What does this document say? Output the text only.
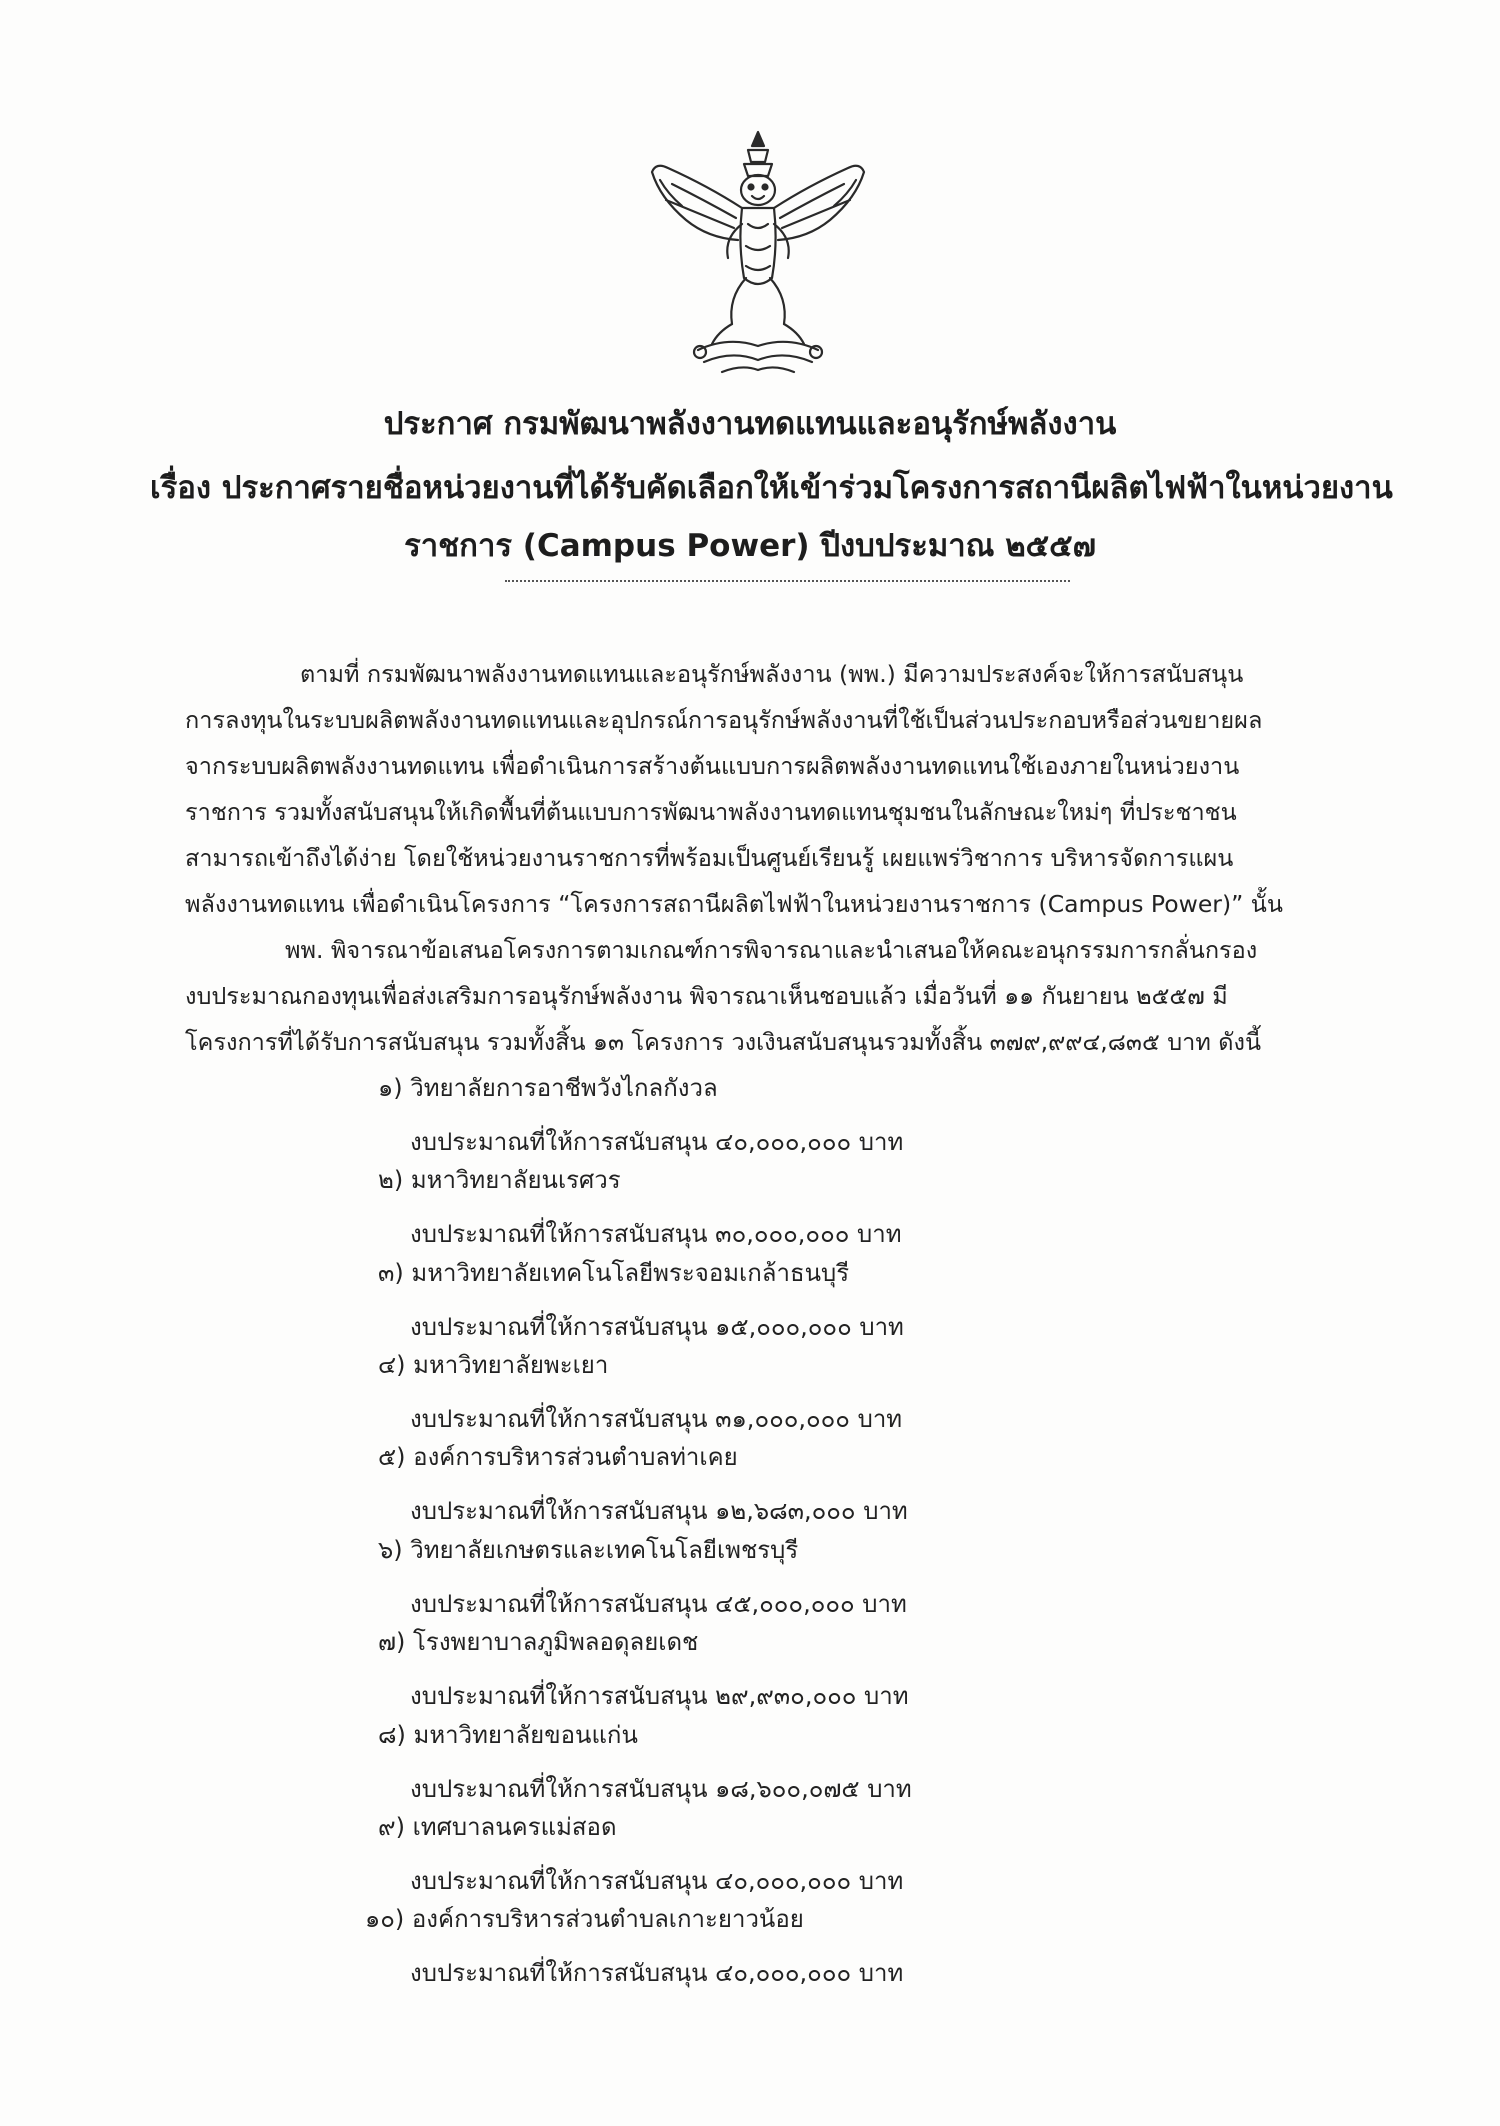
ประกาศ กรมพัฒนาพลังงานทดแทนและอนุรักษ์พลังงาน
เรื่อง ประกาศรายชื่อหน่วยงานที่ได้รับคัดเลือกให้เข้าร่วมโครงการสถานีผลิตไฟฟ้าในหน่วยงาน
ราชการ (Campus Power) ปีงบประมาณ ๒๕๕๗
ตามที่ กรมพัฒนาพลังงานทดแทนและอนุรักษ์พลังงาน (พพ.) มีความประสงค์จะให้การสนับสนุน
การลงทุนในระบบผลิตพลังงานทดแทนและอุปกรณ์การอนุรักษ์พลังงานที่ใช้เป็นส่วนประกอบหรือส่วนขยายผล
จากระบบผลิตพลังงานทดแทน เพื่อดำเนินการสร้างต้นแบบการผลิตพลังงานทดแทนใช้เองภายในหน่วยงาน
ราชการ รวมทั้งสนับสนุนให้เกิดพื้นที่ต้นแบบการพัฒนาพลังงานทดแทนชุมชนในลักษณะใหม่ๆ ที่ประชาชน
สามารถเข้าถึงได้ง่าย โดยใช้หน่วยงานราชการที่พร้อมเป็นศูนย์เรียนรู้ เผยแพร่วิชาการ บริหารจัดการแผน
พลังงานทดแทน เพื่อดำเนินโครงการ “โครงการสถานีผลิตไฟฟ้าในหน่วยงานราชการ (Campus Power)” นั้น
พพ. พิจารณาข้อเสนอโครงการตามเกณฑ์การพิจารณาและนำเสนอให้คณะอนุกรรมการกลั่นกรอง
งบประมาณกองทุนเพื่อส่งเสริมการอนุรักษ์พลังงาน พิจารณาเห็นชอบแล้ว เมื่อวันที่ ๑๑ กันยายน ๒๕๕๗ มี
โครงการที่ได้รับการสนับสนุน รวมทั้งสิ้น ๑๓ โครงการ วงเงินสนับสนุนรวมทั้งสิ้น ๓๗๙,๙๙๔,๘๓๕ บาท ดังนี้
๑) วิทยาลัยการอาชีพวังไกลกังวล
งบประมาณที่ให้การสนับสนุน ๔๐,๐๐๐,๐๐๐ บาท
๒) มหาวิทยาลัยนเรศวร
งบประมาณที่ให้การสนับสนุน ๓๐,๐๐๐,๐๐๐ บาท
๓) มหาวิทยาลัยเทคโนโลยีพระจอมเกล้าธนบุรี
งบประมาณที่ให้การสนับสนุน ๑๕,๐๐๐,๐๐๐ บาท
๔) มหาวิทยาลัยพะเยา
งบประมาณที่ให้การสนับสนุน ๓๑,๐๐๐,๐๐๐ บาท
๕) องค์การบริหารส่วนตำบลท่าเคย
งบประมาณที่ให้การสนับสนุน ๑๒,๖๘๓,๐๐๐ บาท
๖) วิทยาลัยเกษตรและเทคโนโลยีเพชรบุรี
งบประมาณที่ให้การสนับสนุน ๔๕,๐๐๐,๐๐๐ บาท
๗) โรงพยาบาลภูมิพลอดุลยเดช
งบประมาณที่ให้การสนับสนุน ๒๙,๙๓๐,๐๐๐ บาท
๘) มหาวิทยาลัยขอนแก่น
งบประมาณที่ให้การสนับสนุน ๑๘,๖๐๐,๐๗๕ บาท
๙) เทศบาลนครแม่สอด
งบประมาณที่ให้การสนับสนุน ๔๐,๐๐๐,๐๐๐ บาท
๑๐) องค์การบริหารส่วนตำบลเกาะยาวน้อย
งบประมาณที่ให้การสนับสนุน ๔๐,๐๐๐,๐๐๐ บาท
